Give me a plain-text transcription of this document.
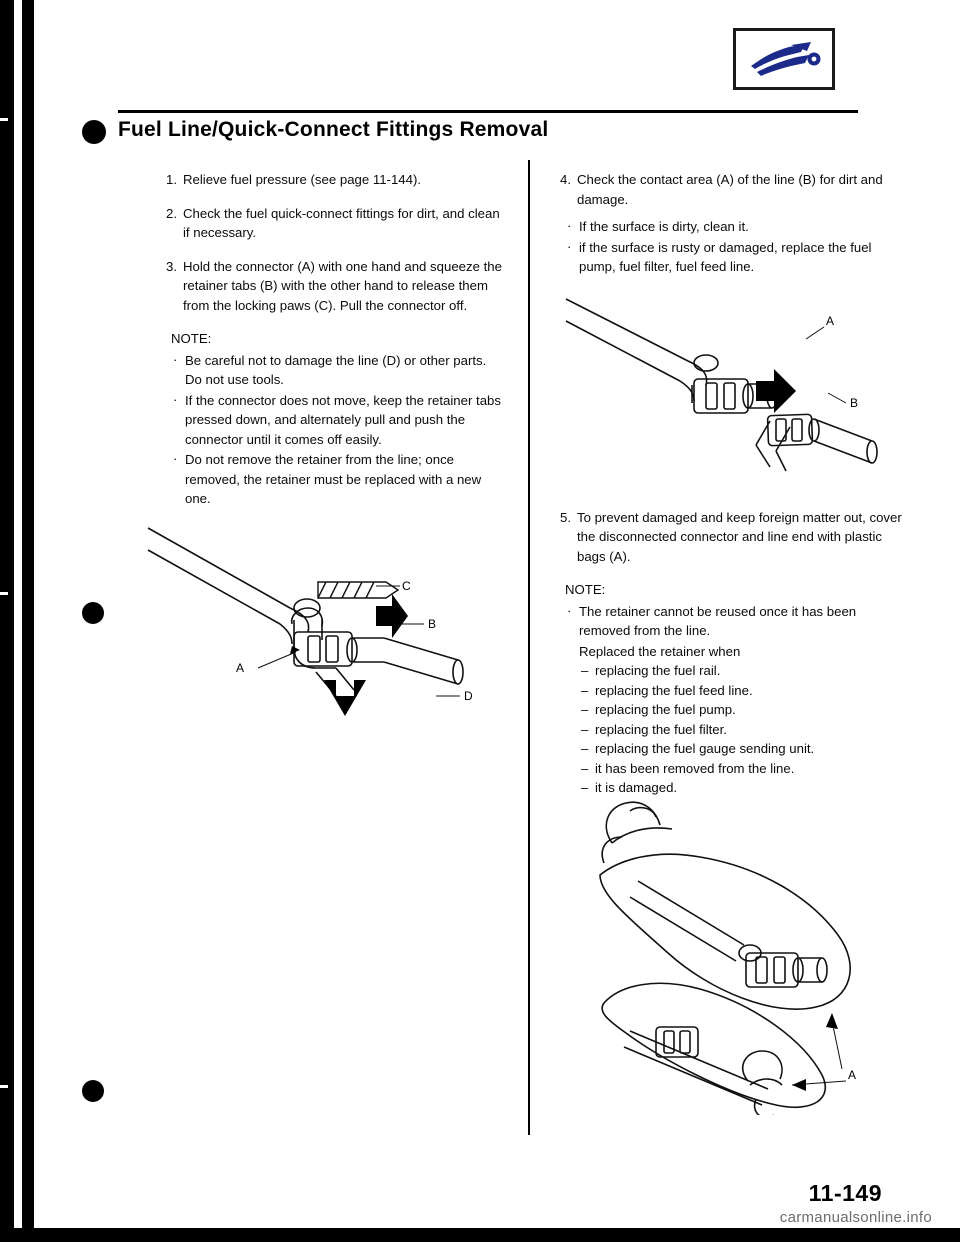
Fuel Line/Quick-Connect Fittings Removal
1. Relieve fuel pressure (see page 11-144).
2. Check the fuel quick-connect fittings for dirt, and clean if necessary.
3. Hold the connector (A) with one hand and squeeze the retainer tabs (B) with the other hand to release them from the locking paws (C). Pull the connector off.
NOTE:
· Be careful not to damage the line (D) or other parts. Do not use tools.
· If the connector does not move, keep the retainer tabs pressed down, and alternately pull and push the connector until it comes off easily.
· Do not remove the retainer from the line; once removed, the retainer must be replaced with a new one.
C
B
D
A
4. Check the contact area (A) of the line (B) for dirt and damage.
· If the surface is dirty, clean it.
· if the surface is rusty or damaged, replace the fuel pump, fuel filter, fuel feed line.
5. To prevent damaged and keep foreign matter out, cover the disconnected connector and line end with plastic bags (A).
NOTE:
· The retainer cannot be reused once it has been removed from the line.
Replaced the retainer when
– replacing the fuel rail.
– replacing the fuel feed line.
– replacing the fuel pump.
– replacing the fuel filter.
– replacing the fuel gauge sending unit.
– it has been removed from the line.
– it is damaged.
A
B
A
11-149
carmanualsonline.info
